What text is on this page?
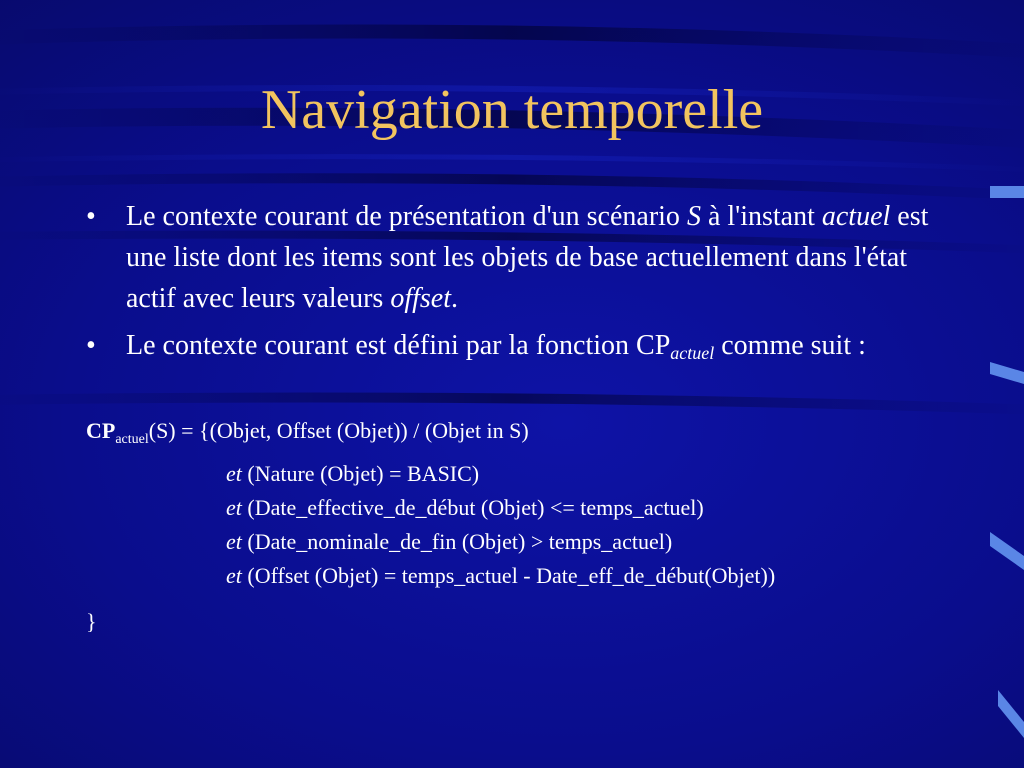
Navigation temporelle
• Le contexte courant de présentation d'un scénario S à l'instant actuel est une liste dont les items sont les objets de base actuellement dans l'état actif avec leurs valeurs offset.
• Le contexte courant est défini par la fonction $CP_{actuel}$ comme suit :
$CP_{actuel}(S)$ = {(Objet, Offset (Objet)) / (Objet in S)
et (Nature (Objet) = BASIC)
et (Date_effective_de_début (Objet) <= temps_actuel)
et (Date_nominale_de_fin (Objet) > temps_actuel)
et (Offset (Objet) = temps_actuel - Date_eff_de_début(Objet))
}
